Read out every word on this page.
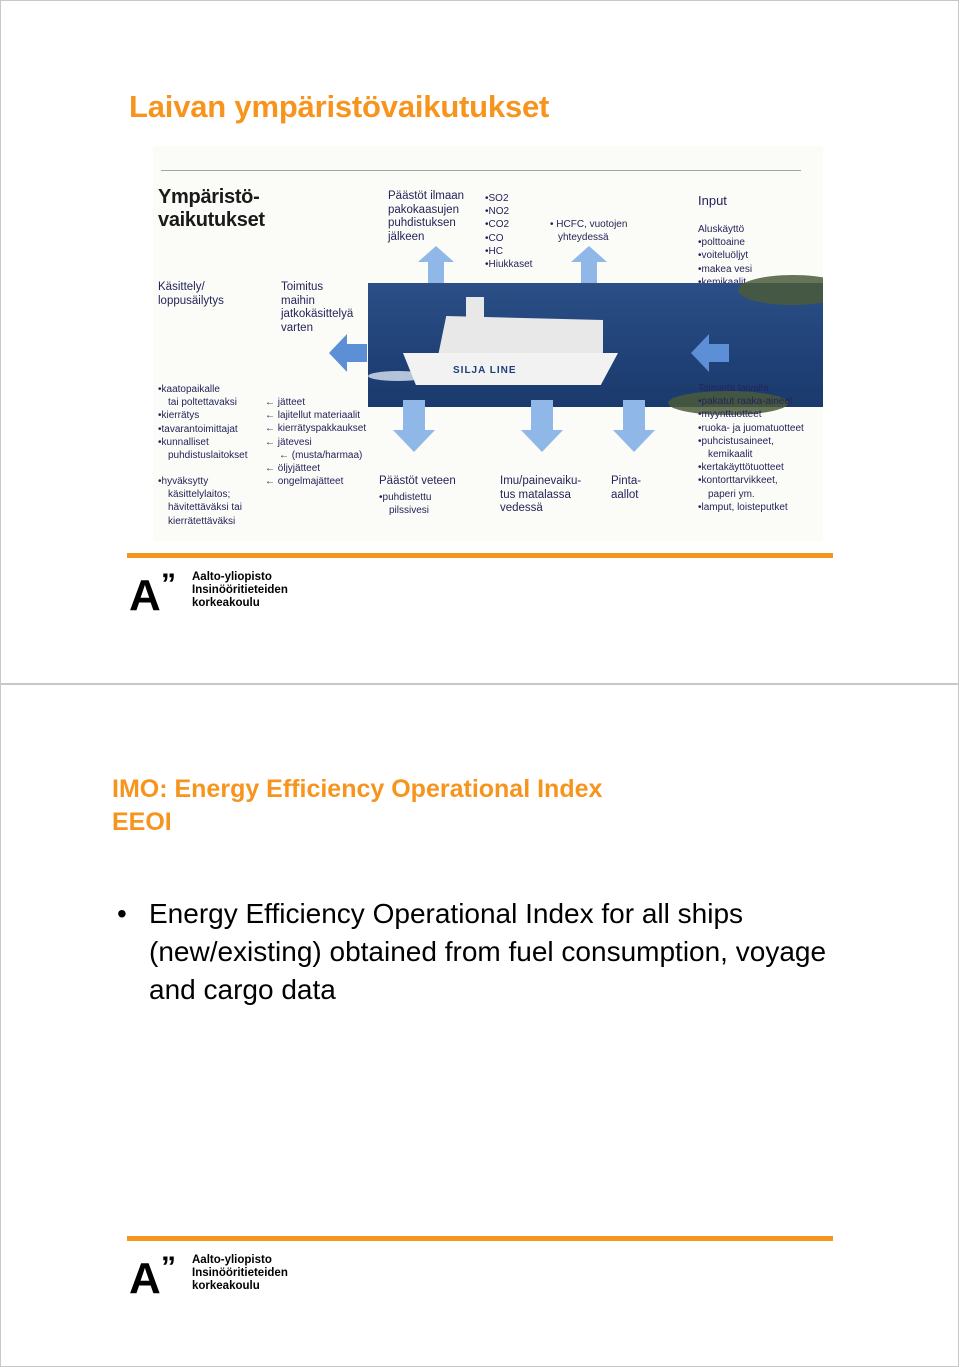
Laivan ympäristövaikutukset
Ympäristö-
vaikutukset
Päästöt ilmaan
pakokaasujen
puhdistuksen
jälkeen
• SO2
• NO2
• CO2
• CO
• HC
• Hiukkaset
• HCFC, vuotojen
yhteydessä
Input
Aluskäyttö
• polttoaine
• voiteluöljyt
• makea vesi
•
•
•
Käsittely/
loppusäilytys
Toimitus
maihin
jatkokäsittelyä
varten
SILJA LINE
• kaatopaikalle
tai poltettavaksi
• kierrätys
• tavarantoimittajat
• kunnalliset
puhdistuslaitokset
• hyväksytty
käsittelylaitos;
hävitettäväksi tai
kierrätettäväksi
← jätteet
← lajitellut materiaalit
← kierrätyspakkaukset
← jätevesi
← (musta/harmaa)
← öljyjätteet
← ongelmajätteet	Päästöt veteen
• puhdistettu
pilssivesi
Imu/painevaiku-
tus matalassa
vedessä
Pinta-
aallot
Toiminta laivalla
• pakatut raaka-aineet
• myynttuotteet
• ruoka- ja juomatuotteet
• puhcistusaineet,
kemikaalit
• kertakäyttötuotteet
• kontorttarvikkeet,
paperi ym.
• lamput, loisteputket
A ” Aalto-yliopisto
Insinööritieteiden
korkeakoulu
IMO: Energy Efficiency Operational Index
EEOI
• Energy Efficiency Operational Index for all ships (new/existing) obtained from fuel consumption, voyage and cargo data
A ” Aalto-yliopisto
Insinööritieteiden
korkeakoulu
